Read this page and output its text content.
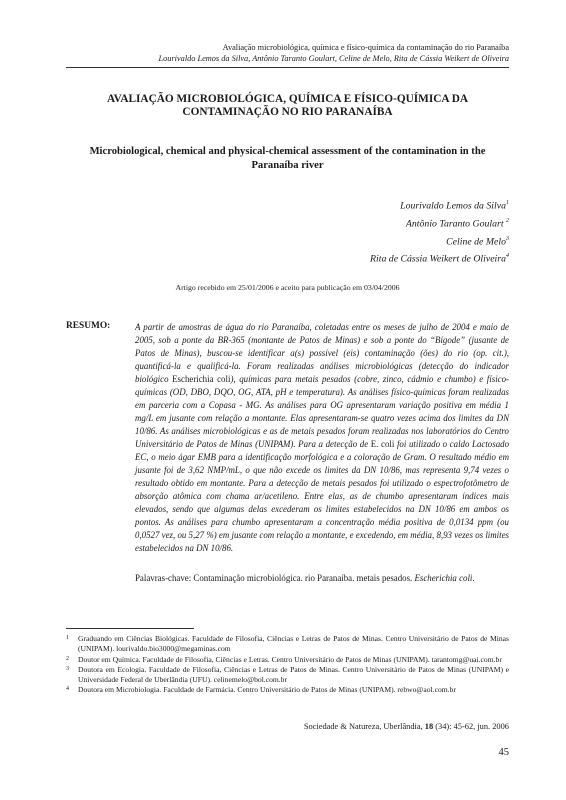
Avaliação microbiológica, química e físico-química da contaminação do rio Paranaíba
Lourivaldo Lemos da Silva, Antônio Taranto Goulart, Celine de Melo, Rita de Cássia Weikert de Oliveira
AVALIAÇÃO MICROBIOLÓGICA, QUÍMICA E FÍSICO-QUÍMICA DA CONTAMINAÇÃO NO RIO PARANAÍBA
Microbiological, chemical and physical-chemical assessment of the contamination in the Paranaíba river
Lourivaldo Lemos da Silva$^1$
Antônio Taranto Goulart $^2$
Celine de Melo$^3$
Rita de Cássia Weikert de Oliveira$^4$
Artigo recebido em 25/01/2006 e aceito para publicação em 03/04/2006
RESUMO:	A partir de amostras de água do rio Paranaíba, coletadas entre os meses de julho de 2004 e maio de 2005, sob a ponte da BR-365 (montante de Patos de Minas) e sob a ponte do “Bigode” (jusante de Patos de Minas), buscou-se identificar a(s) possível (eis) contaminação (ões) do rio (op. cit.), quantificá-la e qualificá-la. Foram realizadas análises microbiológicas (detecção do indicador biológico Escherichia coli), químicas para metais pesados (cobre, zinco, cádmio e chumbo) e físico-químicas (OD, DBO, DQO, OG, ATA, pH e temperatura). As análises físico-químicas foram realizadas em parceria com a Copasa - MG. As análises para OG apresentaram variação positiva em média 1 mg/L em jusante com relação a montante. Elas apresentaram-se quatro vezes acima dos limites da DN 10/86. As análises microbiológicas e as de metais pesados foram realizadas nos laboratórios do Centro Universitário de Patos de Minas (UNIPAM). Para a detecção de E. coli foi utilizado o caldo Lactosado EC, o meio ágar EMB para a identificação morfológica e a coloração de Gram. O resultado médio em jusante foi de 3,62 NMP/mL, o que não excede os limites da DN 10/86, mas representa 9,74 vezes o resultado obtido em montante. Para a detecção de metais pesados foi utilizado o espectrofotômetro de absorção atômica com chama ar/acetileno. Entre elas, as de chumbo apresentaram índices mais elevados, sendo que algumas delas excederam os limites estabelecidos na DN 10/86 em ambos os pontos. As análises para chumbo apresentaram a concentração média positiva de 0,0134 ppm (ou 0,0527 vez, ou 5,27 %) em jusante com relação a montante, e excedendo, em média, 8,93 vezes os limites estabelecidos na DN 10/86.

Palavras-chave: Contaminação microbiológica. rio Paranaíba. metais pesados. Escherichia coli.
1 Graduando em Ciências Biológicas. Faculdade de Filosofia, Ciências e Letras de Patos de Minas. Centro Universitário de Patos de Minas (UNIPAM). lourivaldo.bio3000@megaminas.com
2 Doutor em Química. Faculdade de Filosofia, Ciências e Letras. Centro Universitário de Patos de Minas (UNIPAM). tarantomg@uai.com.br
3 Doutora em Ecologia. Faculdade de Filosofia, Ciências e Letras de Patos de Minas. Centro Universitário de Patos de Minas (UNIPAM) e Universidade Federal de Uberlândia (UFU). celinemelo@bol.com.br
4 Doutora em Microbiologia. Faculdade de Farmácia. Centro Universitário de Patos de Minas (UNIPAM). rebwo@aol.com.br
Sociedade & Natureza, Uberlândia, 18 (34): 45-62, jun. 2006
45
